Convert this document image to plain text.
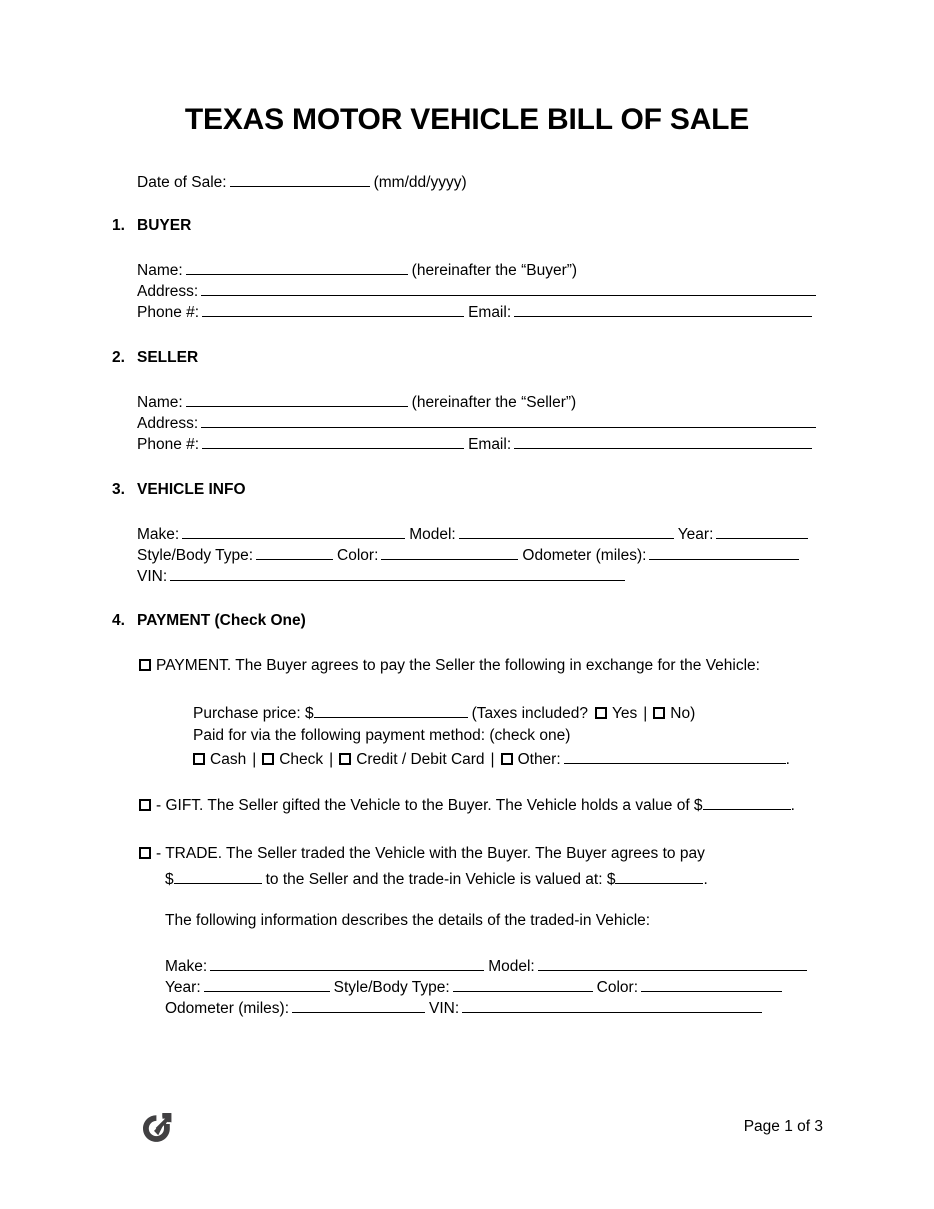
TEXAS MOTOR VEHICLE BILL OF SALE
Date of Sale:	(mm/dd/yyyy)
1. BUYER
Name:	(hereinafter the “Buyer”)
Address:
Phone #:	Email:
2. SELLER
Name:	(hereinafter the “Seller”)
Address:
Phone #:	Email:
3. VEHICLE INFO
Make:	Model:	Year:
Style/Body Type:	Color:	Odometer (miles):
VIN:
4. PAYMENT (Check One)
PAYMENT. The Buyer agrees to pay the Seller the following in exchange for the Vehicle:
Purchase price: $	(Taxes included? Yes | No)
Paid for via the following payment method: (check one)
Cash | Check | Credit / Debit Card | Other:	.
- GIFT. The Seller gifted the Vehicle to the Buyer. The Vehicle holds a value of $	.
- TRADE. The Seller traded the Vehicle with the Buyer. The Buyer agrees to pay
$	to the Seller and the trade-in Vehicle is valued at: $	.
The following information describes the details of the traded-in Vehicle:
Make:	Model:
Year:	Style/Body Type:	Color:
Odometer (miles):	VIN:
Page 1 of 3
